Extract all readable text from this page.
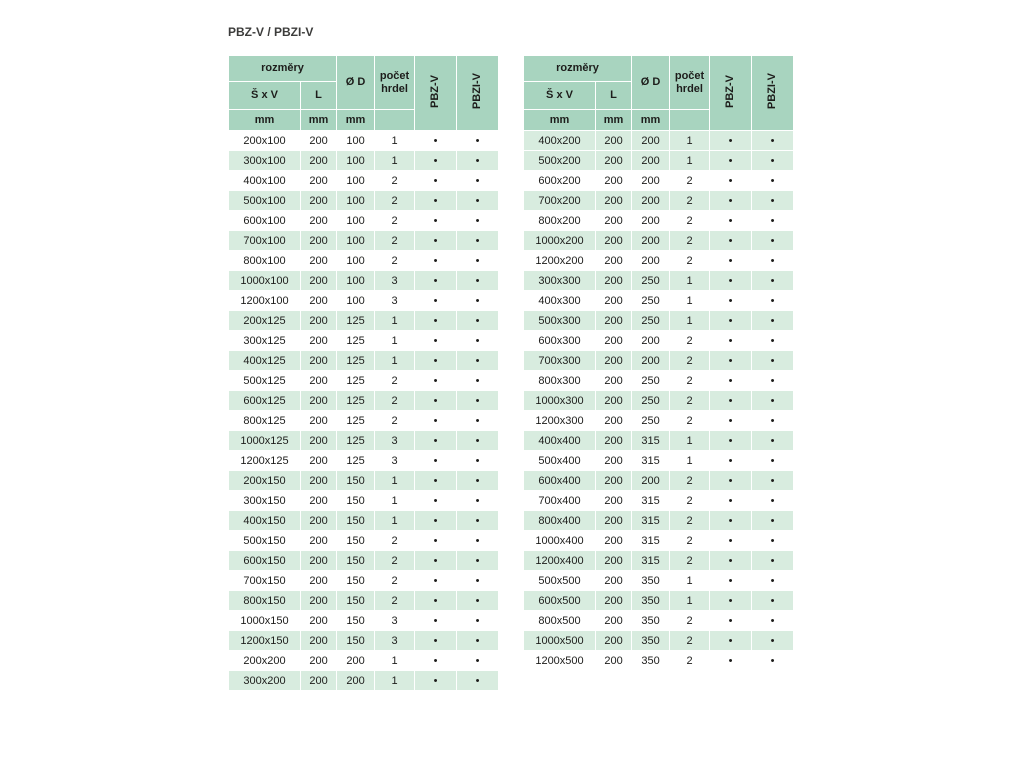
PBZ-V / PBZI-V
rozměry		Ø D	počet hrdel	PBZ-V	PBZI-V
Š x V	L				
mm	mm	mm			
200x100	200	100	1	•	•
300x100	200	100	1	•	•
400x100	200	100	2	•	•
500x100	200	100	2	•	•
600x100	200	100	2	•	•
700x100	200	100	2	•	•
800x100	200	100	2	•	•
1000x100	200	100	3	•	•
1200x100	200	100	3	•	•
200x125	200	125	1	•	•
300x125	200	125	1	•	•
400x125	200	125	1	•	•
500x125	200	125	2	•	•
600x125	200	125	2	•	•
800x125	200	125	2	•	•
1000x125	200	125	3	•	•
1200x125	200	125	3	•	•
200x150	200	150	1	•	•
300x150	200	150	1	•	•
400x150	200	150	1	•	•
500x150	200	150	2	•	•
600x150	200	150	2	•	•
700x150	200	150	2	•	•
800x150	200	150	2	•	•
1000x150	200	150	3	•	•
1200x150	200	150	3	•	•
200x200	200	200	1	•	•
300x200	200	200	1	•	•
rozměry		Ø D	počet hrdel	PBZ-V	PBZI-V
Š x V	L				
mm	mm	mm			
400x200	200	200	1	•	•
500x200	200	200	1	•	•
600x200	200	200	2	•	•
700x200	200	200	2	•	•
800x200	200	200	2	•	•
1000x200	200	200	2	•	•
1200x200	200	200	2	•	•
300x300	200	250	1	•	•
400x300	200	250	1	•	•
500x300	200	250	1	•	•
600x300	200	200	2	•	•
700x300	200	200	2	•	•
800x300	200	250	2	•	•
1000x300	200	250	2	•	•
1200x300	200	250	2	•	•
400x400	200	315	1	•	•
500x400	200	315	1	•	•
600x400	200	200	2	•	•
700x400	200	315	2	•	•
800x400	200	315	2	•	•
1000x400	200	315	2	•	•
1200x400	200	315	2	•	•
500x500	200	350	1	•	•
600x500	200	350	1	•	•
800x500	200	350	2	•	•
1000x500	200	350	2	•	•
1200x500	200	350	2	•	•
